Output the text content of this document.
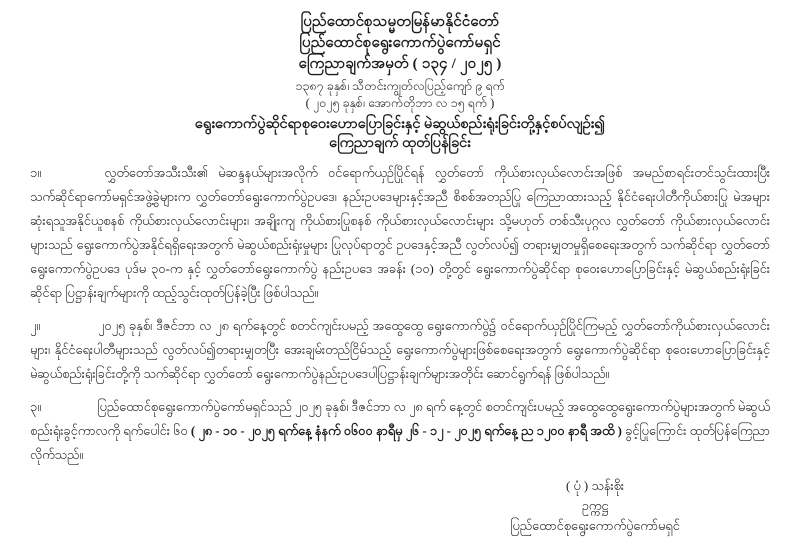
ပြည်ထောင်စုသမ္မတမြန်မာနိုင်ငံတော်
ပြည်ထောင်စုရွေးကောက်ပွဲကော်မရှင်
ကြေညာချက်အမှတ် ( ၁၃၄ / ၂၀၂၅ )
၁၃၈၇ ခုနှစ်၊ သီတင်းကျွတ်လပြည့်ကျော် ၉ ရက်
( ၂၀၂၅ ခုနှစ်၊ အောက်တိုဘာ လ ၁၅ ရက် )
ရွေးကောက်ပွဲဆိုင်ရာစုဝေးဟောပြောခြင်းနှင့် မဲဆွယ်စည်းရုံးခြင်းတို့နှင့်စပ်လျဉ်း၍
ကြေညာချက် ထုတ်ပြန်ခြင်း

၁။	လွှတ်တော်အသီးသီး၏ မဲဆန္ဒနယ်များအလိုက် ဝင်ရောက်ယှဉ်ပြိုင်ရန် လွှတ်တော် ကိုယ်စားလှယ်လောင်းအဖြစ် အမည်စာရင်းတင်သွင်းထားပြီး သက်ဆိုင်ရာကော်မရှင်အဖွဲ့ခွဲများက လွှတ်တော်ရွေးကောက်ပွဲဥပဒေ၊ နည်းဥပဒေများနှင့်အညီ စိစစ်အတည်ပြု ကြေညာထားသည့် နိုင်ငံရေးပါတီကိုယ်စားပြု မဲအများဆုံးရသူအနိုင်ယူစနစ် ကိုယ်စားလှယ်လောင်းများ၊ အချိုးကျ ကိုယ်စားပြုစနစ် ကိုယ်စားလှယ်လောင်းများ သို့မဟုတ် တစ်သီးပုဂ္ဂလ လွှတ်တော် ကိုယ်စားလှယ်လောင်းများသည် ရွေးကောက်ပွဲအနိုင်ရရှိရေးအတွက် မဲဆွယ်စည်းရုံးမှုများ ပြုလုပ်ရာတွင် ဥပဒေနှင့်အညီ လွတ်လပ်၍ တရားမျှတမှုရှိစေရေးအတွက် သက်ဆိုင်ရာ လွှတ်တော်ရွေးကောက်ပွဲဥပဒေ ပုဒ်မ ၃၀-က နှင့် လွှတ်တော်ရွေးကောက်ပွဲ နည်းဥပဒေ အခန်း (၁၀) တို့တွင် ရွေးကောက်ပွဲဆိုင်ရာ စုဝေးဟောပြောခြင်းနှင့် မဲဆွယ်စည်းရုံးခြင်းဆိုင်ရာ ပြဋ္ဌာန်းချက်များကို ထည့်သွင်းထုတ်ပြန်ခဲ့ပြီး ဖြစ်ပါသည်။

၂။	၂၀၂၅ ခုနှစ်၊ ဒီဇင်ဘာ လ ၂၈ ရက်နေ့တွင် စတင်ကျင်းပမည့် အထွေထွေ ရွေးကောက်ပွဲ၌ ဝင်ရောက်ယှဉ်ပြိုင်ကြမည့် လွှတ်တော်ကိုယ်စားလှယ်လောင်းများ၊ နိုင်ငံရေးပါတီများသည် လွတ်လပ်၍တရားမျှတပြီး အေးချမ်းတည်ငြိမ်သည့် ရွေးကောက်ပွဲများဖြစ်စေရေးအတွက် ရွေးကောက်ပွဲဆိုင်ရာ စုဝေးဟောပြောခြင်းနှင့် မဲဆွယ်စည်းရုံးခြင်းတို့ကို သက်ဆိုင်ရာ လွှတ်တော် ရွေးကောက်ပွဲနည်းဥပဒေပါပြဋ္ဌာန်းချက်များအတိုင်း ဆောင်ရွက်ရန် ဖြစ်ပါသည်။

၃။	ပြည်ထောင်စုရွေးကောက်ပွဲကော်မရှင်သည် ၂၀၂၅ ခုနှစ်၊ ဒီဇင်ဘာ လ ၂၈ ရက် နေ့တွင် စတင်ကျင်းပမည့် အထွေထွေရွေးကောက်ပွဲများအတွက် မဲဆွယ်စည်းရုံးခွင့်ကာလကို ရက်ပေါင်း ၆၀ ( ၂၈ - ၁၀ - ၂၀၂၅ ရက်နေ့ နံနက် ၀၆၀၀ နာရီမှ ၂၆ - ၁၂ - ၂၀၂၅ ရက်နေ့ ည ၁၂၀၀ နာရီ အထိ ) ခွင့်ပြုကြောင်း ထုတ်ပြန်ကြေညာလိုက်သည်။

( ပုံ ) သန်းစိုး
ဥက္ကဋ္ဌ
ပြည်ထောင်စုရွေးကောက်ပွဲကော်မရှင်
